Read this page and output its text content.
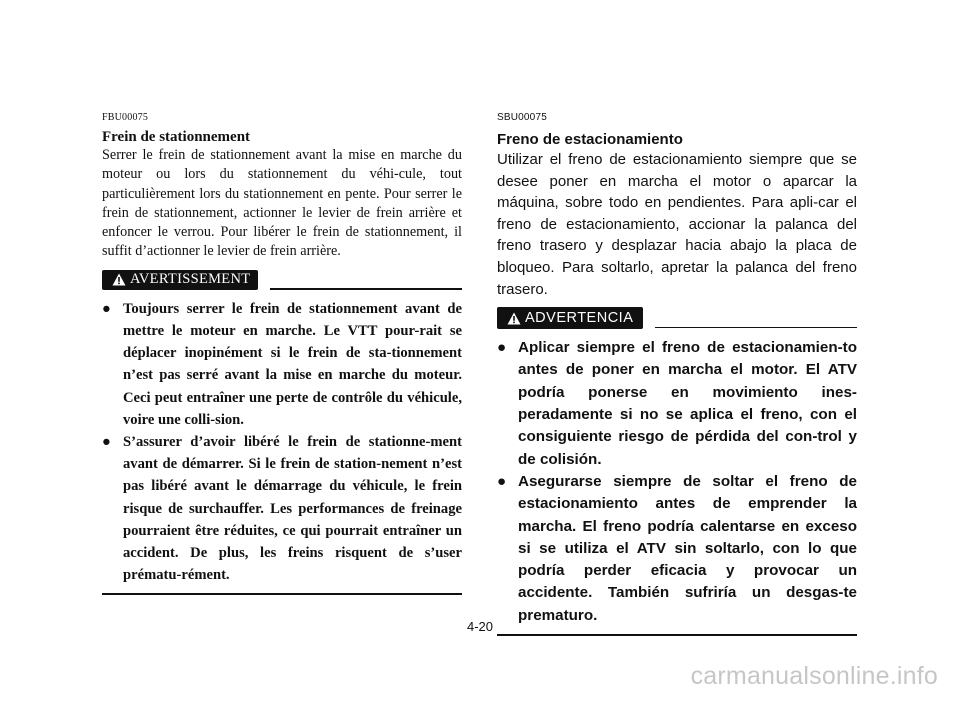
FBU00075

Frein de stationnement

Serrer le frein de stationnement avant la mise en marche du moteur ou lors du stationnement du véhi-cule, tout particulièrement lors du stationnement en pente. Pour serrer le frein de stationnement, actionner le levier de frein arrière et enfoncer le verrou. Pour libérer le frein de stationnement, il suffit d’actionner le levier de frein arrière.

AVERTISSEMENT
● Toujours serrer le frein de stationnement avant de mettre le moteur en marche. Le VTT pour-rait se déplacer inopinément si le frein de sta-tionnement n’est pas serré avant la mise en marche du moteur. Ceci peut entraîner une perte de contrôle du véhicule, voire une colli-sion.
● S’assurer d’avoir libéré le frein de stationne-ment avant de démarrer. Si le frein de station-nement n’est pas libéré avant le démarrage du véhicule, le frein risque de surchauffer. Les performances de freinage pourraient être réduites, ce qui pourrait entraîner un accident. De plus, les freins risquent de s’user prématu-rément.

SBU00075

Freno de estacionamiento

Utilizar el freno de estacionamiento siempre que se desee poner en marcha el motor o aparcar la máquina, sobre todo en pendientes. Para apli-car el freno de estacionamiento, accionar la palanca del freno trasero y desplazar hacia abajo la placa de bloqueo. Para soltarlo, apretar la palanca del freno trasero.

ADVERTENCIA
● Aplicar siempre el freno de estacionamien-to antes de poner en marcha el motor. El ATV podría ponerse en movimiento ines-peradamente si no se aplica el freno, con el consiguiente riesgo de pérdida del con-trol y de colisión.
● Asegurarse siempre de soltar el freno de estacionamiento antes de emprender la marcha. El freno podría calentarse en exceso si se utiliza el ATV sin soltarlo, con lo que podría perder eficacia y provocar un accidente. También sufriría un desgas-te prematuro.
4-20
carmanualsonline.info
